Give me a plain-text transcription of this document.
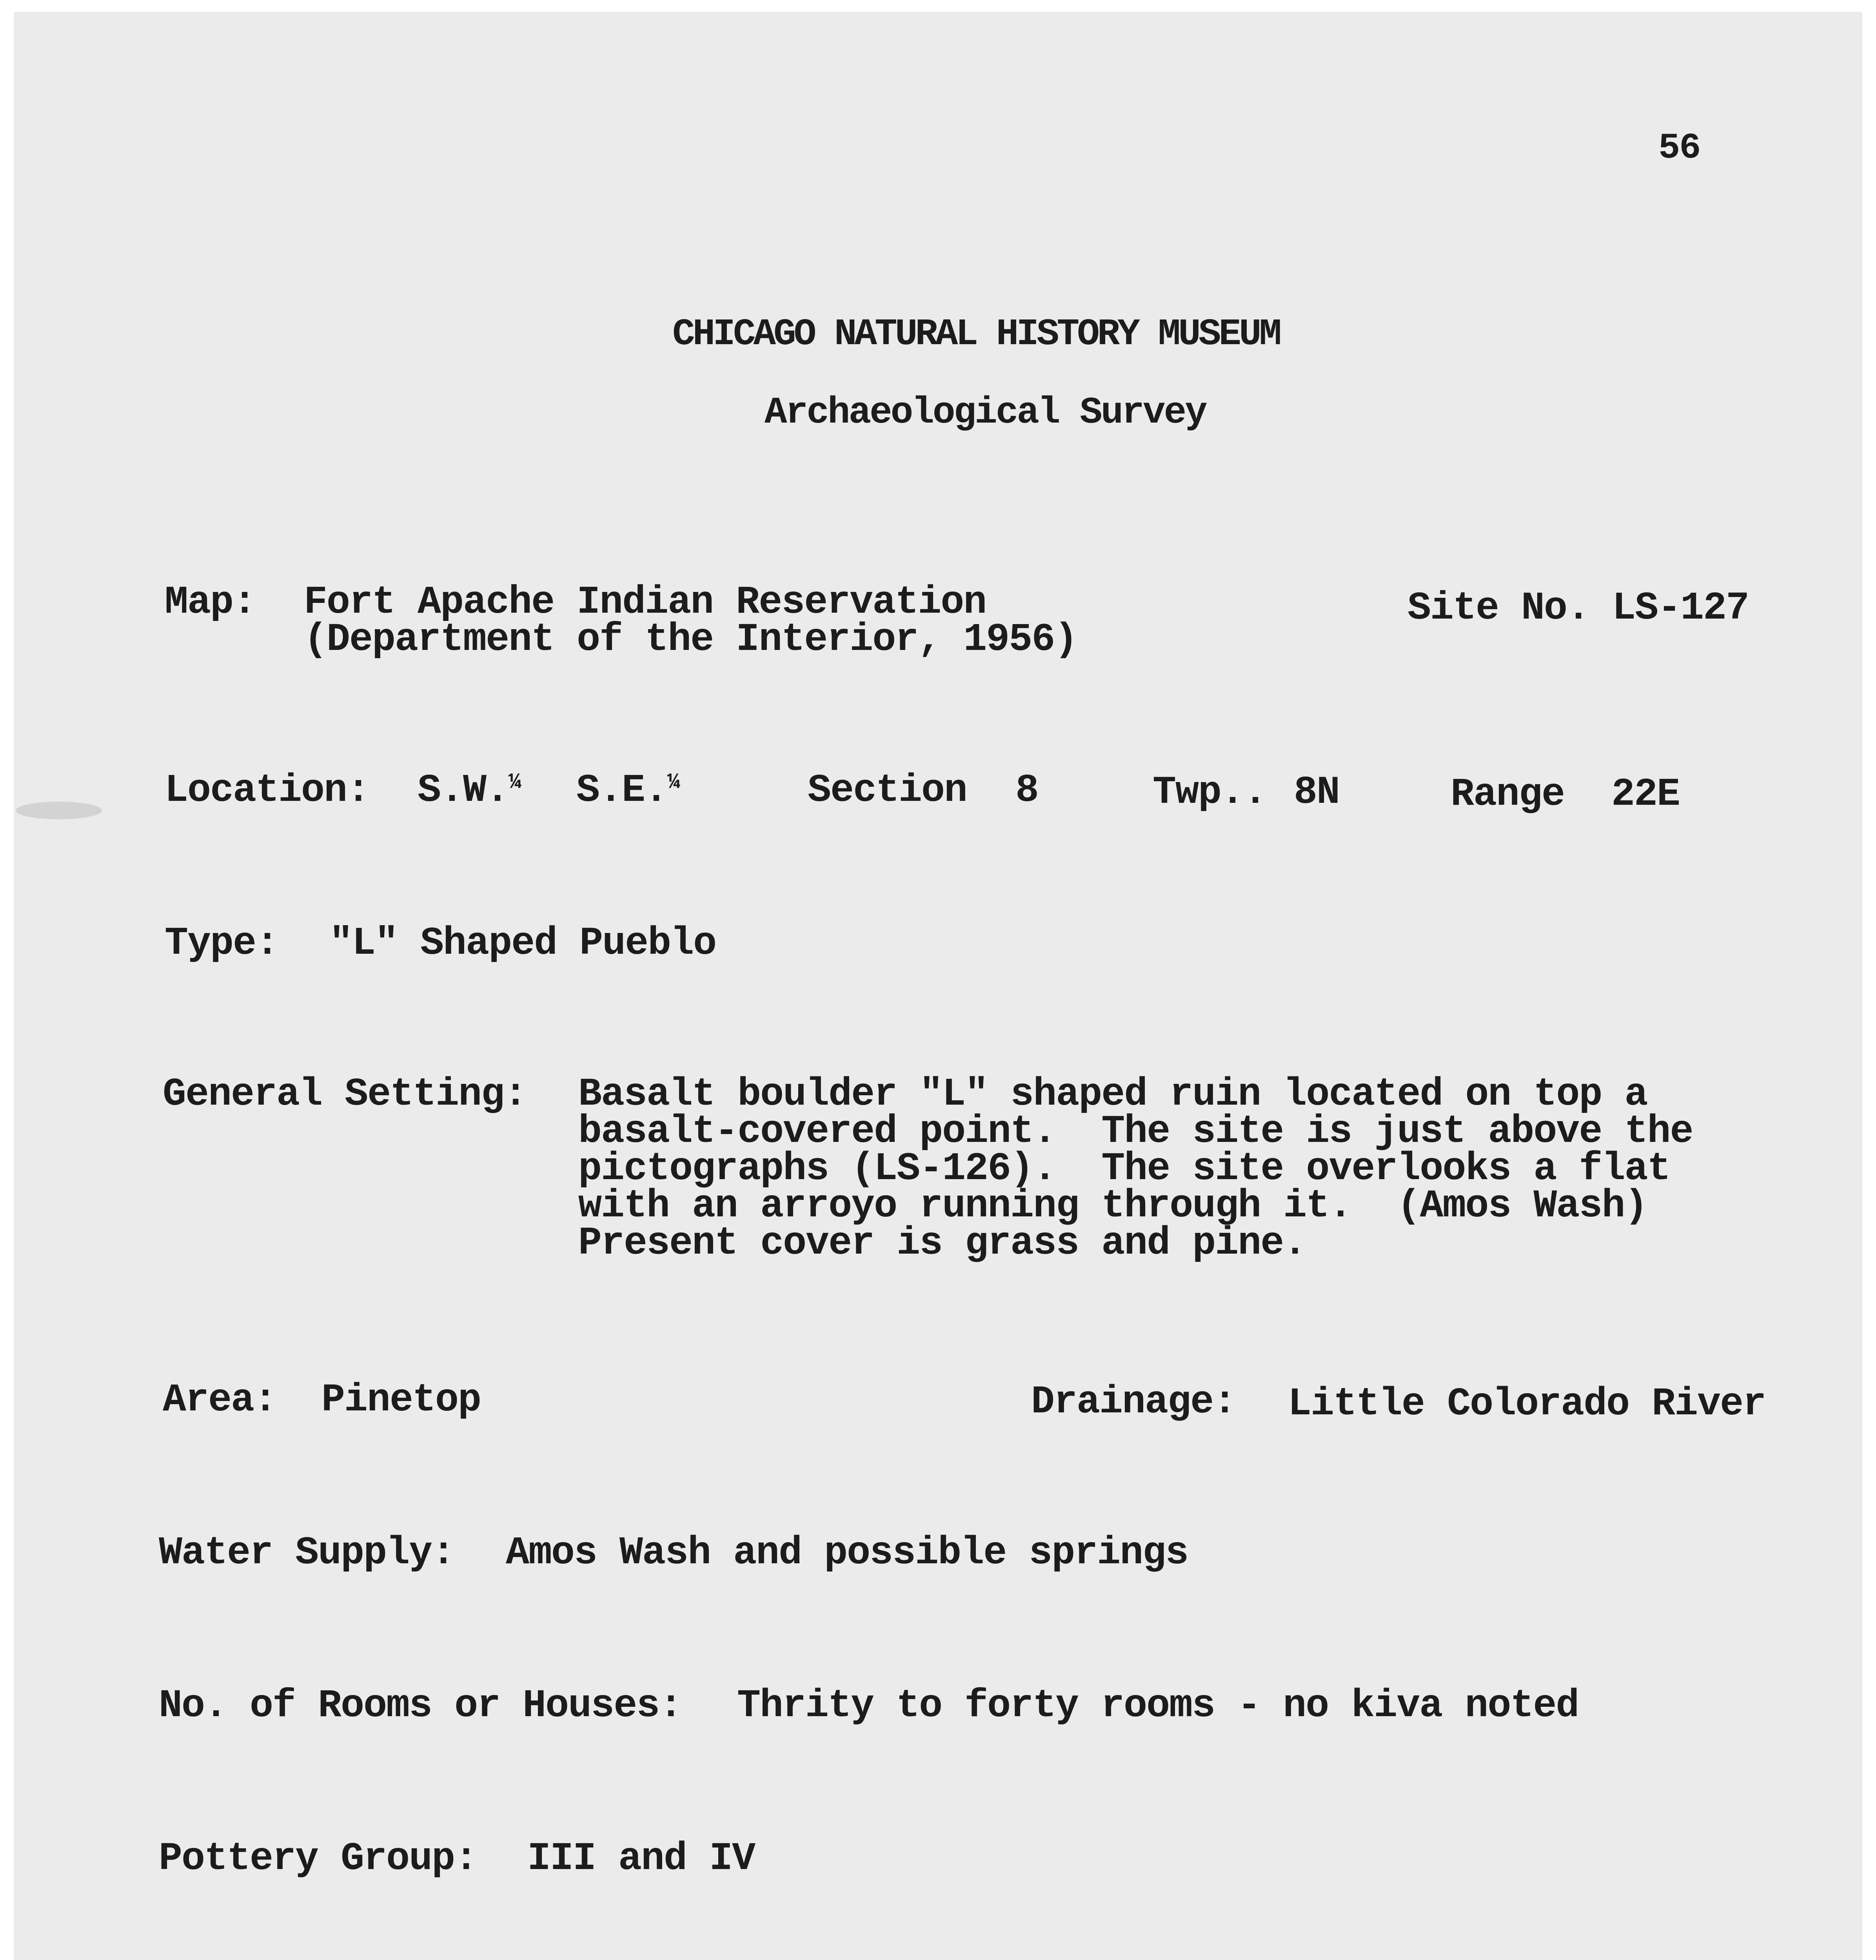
56
CHICAGO NATURAL HISTORY MUSEUM
Archaeological Survey
Map: Fort Apache Indian Reservation
(Department of the Interior, 1956)
Site No. LS-127
Location: S.W.¼ S.E.¼	Section 8	Twp.. 8N	Range 22E
Type: "L" Shaped Pueblo
General Setting: Basalt boulder "L" shaped ruin located on top a
basalt-covered point.  The site is just above the
pictographs (LS-126).  The site overlooks a flat
with an arroyo running through it.  (Amos Wash)
Present cover is grass and pine.
Area: Pinetop	Drainage: Little Colorado River
Water Supply: Amos Wash and possible springs
No. of Rooms or Houses: Thrity to forty rooms - no kiva noted
Pottery Group: III and IV
